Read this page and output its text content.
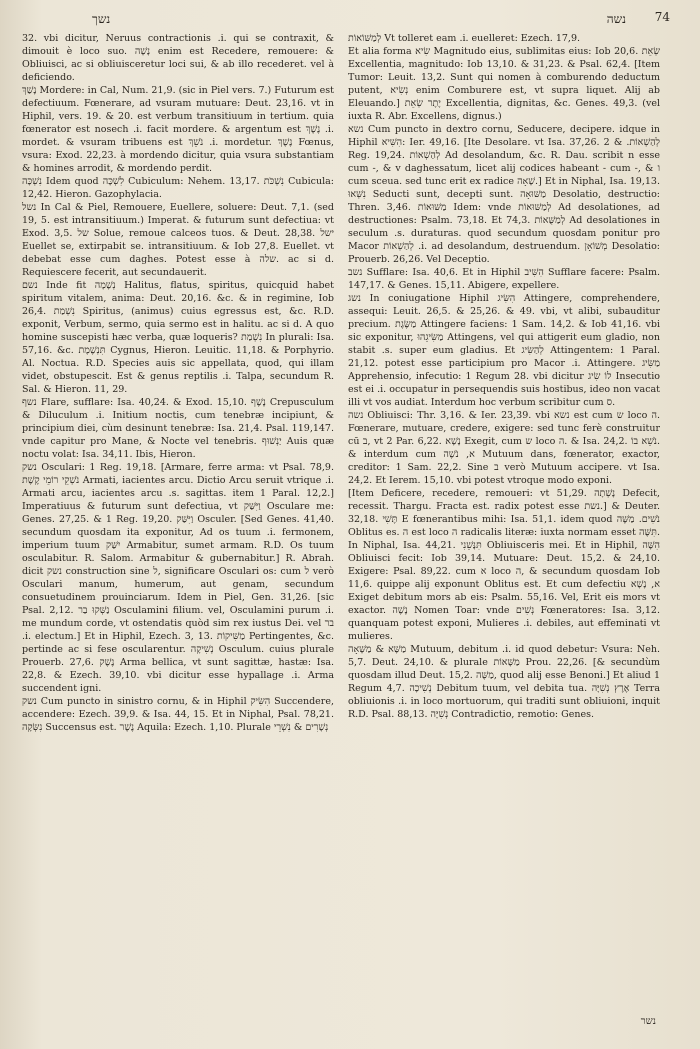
נשך	נשה 74

32. vbi dicitur, Neruus contractionis .i. qui se contraxit, & dimouit è loco suo. נָשָׁה enim est Recedere, remouere: & Obliuisci, ac si obliuisceretur loci sui, & ab illo recederet. vel à deficiendo.

נָשַׁךְ Mordere: in Cal, Num. 21,9. (sic in Piel vers. 7.) Futurum est defectiuum. Fœnerare, ad vsuram mutuare: Deut. 23,16. vt in Hiphil, vers. 19. & 20. est verbum transitiuum in tertium. quia fœnerator est nosech .i. facit mordere. & argentum est נֶשֶׁךְ .i. mordet. & vsuram tribuens est נֹשֵׁךְ .i. mordetur. נֶשֶׁךְ Fœnus, vsura: Exod. 22,23. à mordendo dicitur, quia vsura substantiam & homines arrodit, & mordendo perdit.

נִשְׁכָּה Idem quod לִשְׁכָּה Cubiculum: Nehem. 13,17. נִשְׁכֹּת Cubicula: 12,42. Hieron. Gazophylacia.

נשל In Cal & Piel, Remouere, Euellere, soluere: Deut. 7,1. (sed 19, 5. est intransitiuum.) Imperat. & futurum sunt defectiua: vt Exod. 3,5. של Solue, remoue calceos tuos. & Deut. 28,38. ישל Euellet se, extirpabit se. intransitiuum. & Iob 27,8. Euellet. vt debebat esse cum daghes. Potest esse à שלה. ac si d. Requiescere fecerit, aut secundauerit.

נשם Inde fit נְשָׁמָה Halitus, flatus, spiritus, quicquid habet spiritum vitalem, anima: Deut. 20,16. &c. & in regimine, Iob 26,4. נִשְׁמַת Spiritus, (animus) cuius egressus est, &c. R.D. exponit, Verbum, sermo, quia sermo est in halitu. ac si d. A quo homine suscepisti hæc verba, quæ loqueris? נִשְׁמַת In plurali: Isa. 57,16. &c. תִּנְשֶׁמֶת Cygnus, Hieron. Leuitic. 11,18. & Porphyrio. Al. Noctua. R.D. Species auis sic appellata, quod, qui illam videt, obstupescit. Est & genus reptilis .i. Talpa, secundum R. Sal. & Hieron. 11, 29.

נשף Flare, sufflare: Isa. 40,24. & Exod. 15,10. נֶשֶׁף Crepusculum & Diluculum .i. Initium noctis, cum tenebræ incipiunt, & principium diei, cùm desinunt tenebræ: Isa. 21,4. Psal. 119,147. vnde capitur pro Mane, & Nocte vel tenebris. יַנְשׁוּף Auis quæ noctu volat: Isa. 34,11. Ibis, Hieron.

נשק Osculari: 1 Reg. 19,18. [Armare, ferre arma: vt Psal. 78,9. נֹשְׁקֵי רוֹמֵי קֶשֶׁת Armati, iacientes arcu. Dictio Arcu seruit vtrique .i. Armati arcu, iacientes arcu .s. sagittas. item 1 Paral. 12,2.] Imperatiuus & futurum sunt defectiua, vt וַיִּשַּׁק Osculare me: Genes. 27,25. & 1 Reg. 19,20. וַיִּשַּׁק Osculer. [Sed Genes. 41,40. secundum quosdam ita exponitur, Ad os tuum .i. fermonem, imperium tuum יִשַּׁק Armabitur, sumet armam. R.D. Os tuum osculabitur. R. Salom. Armabitur & gubernabitur.] R. Abrah. dicit נשק construction sine ל, significare Osculari os: cum ל verò Osculari manum, humerum, aut genam, secundum consuetudinem prouinciarum. Idem in Piel, Gen. 31,26. [sic Psal. 2,12. נַשְּׁקוּ בַר Osculamini filium. vel, Osculamini purum .i. me mundum corde, vt ostendatis quòd sim rex iustus Dei. vel בר .i. electum.] Et in Hiphil, Ezech. 3, 13. מַשִּׁיקוֹת Pertingentes, &c. pertinde ac si fese oscularentur. נְשִׁיקָה Osculum. cuius plurale Prouerb. 27,6. נֶשֶׁק Arma bellica, vt sunt sagittæ, hastæ: Isa. 22,8. & Ezech. 39,10. vbi dicitur esse hypallage .i. Arma succendent igni.

נשק Cum puncto in sinistro cornu, & in Hiphil הִשִּׂיק Succendere, accendere: Ezech. 39,9. & Isa. 44, 15. Et in Niphal, Psal. 78,21. נִשְּׂקָה Succensus est. נֶשֶׁר Aquila: Ezech. 1,10. Plurale נְשָׁרִים & נִשְׁרֵי

לְמַשּׁוֹאוֹת Vt tolleret eam .i. euelleret: Ezech. 17,9.

Et alia forma שִׂיא Magnitudo eius, sublimitas eius: Iob 20,6. שְׂאֵת Excellentia, magnitudo: Iob 13,10. & 31,23. & Psal. 62,4. [Item Tumor: Leuit. 13,2. Sunt qui nomen à comburendo deductum putent, נְשִׂיא enim Comburere est, vt supra liquet. Alij ab Eleuando.] יֶתֶר שְׂאֵת Excellentia, dignitas, &c. Genes. 49,3. (vel iuxta R. Abr. Excellens, dignus.)

נשא Cum puncto in dextro cornu, Seducere, decipere. idque in Hiphil הִשִּׁיא: Ier. 49,16. [Ite Desolare. vt Isa. 37,26. לְהַשְׁאוֹת. & 2 Reg. 19,24. לְהַשְׁאוֹת Ad desolandum, &c. R. Dau. scribit n esse cum ‑, & v daghessatum, licet alij codices habeant ‑ cum ‑, & ו cum sceua. sed tunc erit ex radice שָׁאָה.] Et in Niphal, Isa. 19,13. נִשְּׁאוּ Seducti sunt, decepti sunt. מַשּׁוּאָה Desolatio, destructio: Thren. 3,46. מַשּׁוּאוֹת Idem: vnde לְמַשּׁוּאוֹת Ad desolationes, ad destructiones: Psalm. 73,18. Et 74,3. לְמַשֻּׁאוֹת Ad desolationes in seculum .s. duraturas. quod secundum quosdam ponitur pro Macor לְהַשְׁאוֹת .i. ad desolandum, destruendum. מְשׁוֹאָן Desolatio: Prouerb. 26,26. Vel Deceptio.

נשב Sufflare: Isa. 40,6. Et in Hiphil הִשִּׁיב Sufflare facere: Psalm. 147,17. & Genes. 15,11. Abigere, expellere.

נשג In coniugatione Hiphil הִשִּׂיג Attingere, comprehendere, assequi: Leuit. 26,5. & 25,26. & 49. vbi, vt alibi, subauditur precium. מַשֶּׂגֶת Attingere faciens: 1 Sam. 14,2. & Iob 41,16. vbi sic exponitur, מַשִּׂיגֵהוּ Attingens, vel qui attigerit eum gladio, non stabit .s. super eum gladius. Et לְהַשִּׂיג Attingentem: 1 Paral. 21,12. potest esse participium pro Macor .i. Attingere. מַשִּׂיג Apprehensio, infecutio: 1 Regum 28. vbi dicitur לוֹ שִׂיג Insecutio est ei .i. occupatur in persequendis suis hostibus, ideo non vacat illi vt vos audiat. Interdum hoc verbum scribitur cum ס.

נשה Obliuisci: Thr. 3,16. & Ier. 23,39. vbi נשא est cum ש loco ה. Fœnerare, mutuare, credere, exigere: sed tunc ferè construitur cū ב, vt 2 Par. 6,22. נָשָׁא Exegit, cum ש loco ה. & Isa. 24,2. נֹשֵׁא בוֹ. & interdum cum א, נֹשֶׁה Mutuum dans, fœnerator, exactor, creditor: 1 Sam. 22,2. Sine ב verò Mutuum accipere. vt Isa. 24,2. Et Ierem. 15,10. vbi potest vtroque modo exponi.

[Item Deficere, recedere, remoueri: vt 51,29. נָשְׁתָה Defecit, recessit. Thargu. Fracta est. radix potest esse נשת.] & Deuter. 32,18. תֶּשִׁי E fœnerantibus mihi: Isa. 51,1. idem quod נֹשִׁים. מַשֶּׁה Oblitus es. ה est loco ה radicalis literæ: iuxta normam esset תִּשֶּׁה. In Niphal, Isa. 44,21. תִּנָּשֵׁנִי Obliuisceris mei. Et in Hiphil, הִשָּׁה Obliuisci fecit: Iob 39,14. Mutuare: Deut. 15,2. & 24,10. Exigere: Psal. 89,22. cum א loco ה, & secundum quosdam Iob 11,6. quippe alij exponunt Oblitus est. Et cum defectiu א, נָשָׁא Exiget debitum mors ab eis: Psalm. 55,16. Vel, Erit eis mors vt exactor. נֶשֶׁה Nomen Toar: vnde נְשִׁים Fœneratores: Isa. 3,12. quanquam potest exponi, Mulieres .i. debiles, aut effeminati vt mulieres.

מַשָּׁא & מַשָּׁאָה Mutuum, debitum .i. id quod debetur: Vsura: Neh. 5,7. Deut. 24,10. & plurale מַשָּׁאוֹת Prou. 22,26. [& secundùm quosdam illud Deut. 15,2. מַשֶּׁה, quod alij esse Benoni.] Et aliud 1 Regum 4,7. נְשִׁיכָה Debitum tuum, vel debita tua. אֶרֶץ נְשִׁיָּה Terra obliuionis .i. in loco mortuorum, qui traditi sunt obliuioni, inquit R.D. Psal. 88,13. נְשִׁיָּה Contradictio, remotio: Genes.

נשר
